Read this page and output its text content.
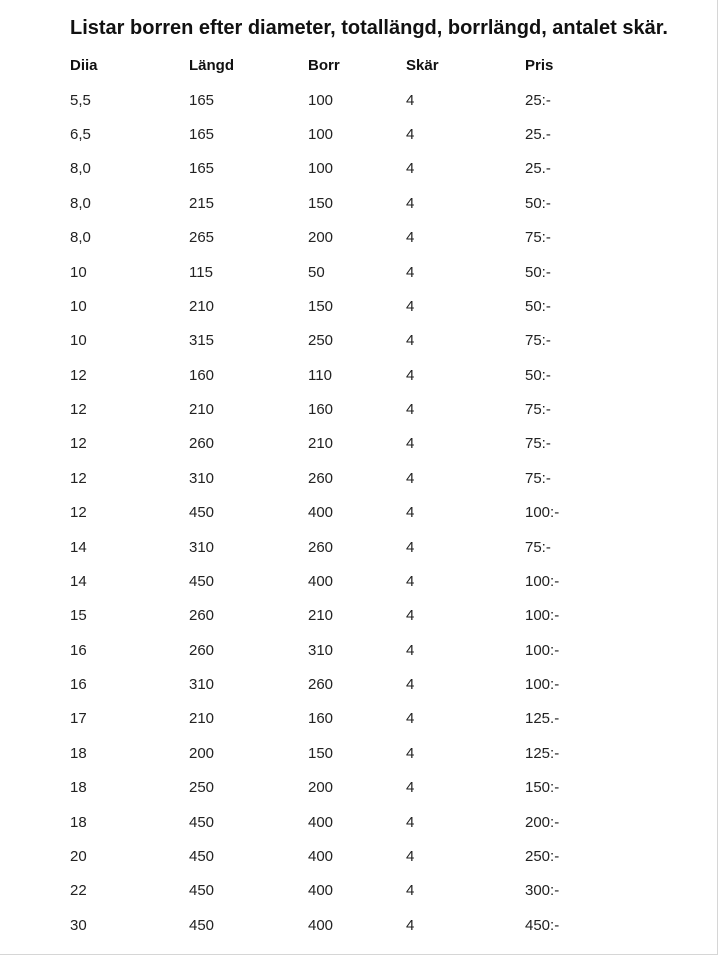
Listar borren efter diameter, totallängd, borrlängd, antalet skär.
Diia	Längd	Borr	Skär	Pris
5,5	165	100	4	25:-
6,5	165	100	4	25.-
8,0	165	100	4	25.-
8,0	215	150	4	50:-
8,0	265	200	4	75:-
10	115	50	4	50:-
10	210	150	4	50:-
10	315	250	4	75:-
12	160	110	4	50:-
12	210	160	4	75:-
12	260	210	4	75:-
12	310	260	4	75:-
12	450	400	4	100:-
14	310	260	4	75:-
14	450	400	4	100:-
15	260	210	4	100:-
16	260	310	4	100:-
16	310	260	4	100:-
17	210	160	4	125.-
18	200	150	4	125:-
18	250	200	4	150:-
18	450	400	4	200:-
20	450	400	4	250:-
22	450	400	4	300:-
30	450	400	4	450:-
